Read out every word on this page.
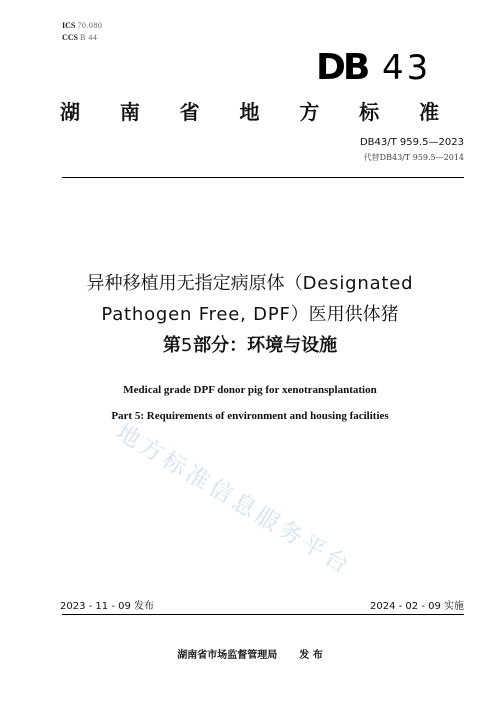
ICS 70.080
CCS B 44
DB 43
湖 南 省 地 方 标 准
DB43/T 959.5—2023
代替DB43/T 959.5—2014
异种移植用无指定病原体（Designated
Pathogen Free, DPF）医用供体猪
第5部分：环境与设施
Medical grade DPF donor pig for xenotransplantation
Part 5: Requirements of environment and housing facilities
地方标准信息服务平台
2023 - 11 - 09 发布	2024 - 02 - 09 实施
湖南省市场监督管理局 发 布
